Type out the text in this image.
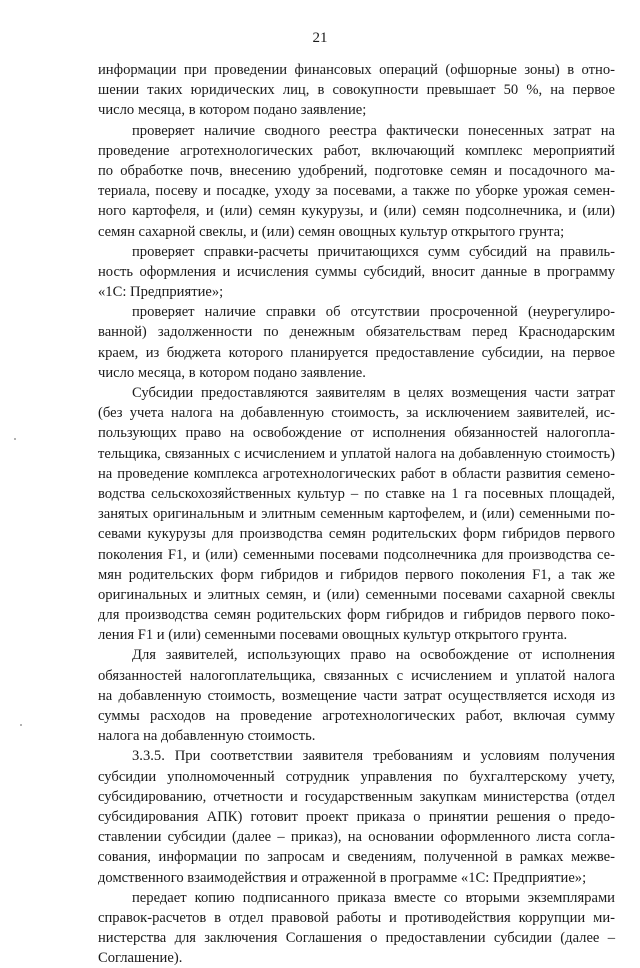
21
информации при проведении финансовых операций (офшорные зоны) в отно-
шении таких юридических лиц, в совокупности превышает 50 %, на первое
число месяца, в котором подано заявление;
проверяет наличие сводного реестра фактически понесенных затрат на
проведение агротехнологических работ, включающий комплекс мероприятий
по обработке почв, внесению удобрений, подготовке семян и посадочного ма-
териала, посеву и посадке, уходу за посевами, а также по уборке урожая семен-
ного картофеля, и (или) семян кукурузы, и (или) семян подсолнечника, и (или)
семян сахарной свеклы, и (или) семян овощных культур открытого грунта;
проверяет справки-расчеты причитающихся сумм субсидий на правиль-
ность оформления и исчисления суммы субсидий, вносит данные в программу
«1С: Предприятие»;
проверяет наличие справки об отсутствии просроченной (неурегулиро-
ванной) задолженности по денежным обязательствам перед Краснодарским
краем, из бюджета которого планируется предоставление субсидии, на первое
число месяца, в котором подано заявление.
Субсидии предоставляются заявителям в целях возмещения части затрат
(без учета налога на добавленную стоимость, за исключением заявителей, ис-
пользующих право на освобождение от исполнения обязанностей налогопла-
тельщика, связанных с исчислением и уплатой налога на добавленную стоимость)
на проведение комплекса агротехнологических работ в области развития семено-
водства сельскохозяйственных культур – по ставке на 1 га посевных площадей,
занятых оригинальным и элитным семенным картофелем, и (или) семенными по-
севами кукурузы для производства семян родительских форм гибридов первого
поколения F1, и (или) семенными посевами подсолнечника для производства се-
мян родительских форм гибридов и гибридов первого поколения F1, а так же
оригинальных и элитных семян, и (или) семенными посевами сахарной свеклы
для производства семян родительских форм гибридов и гибридов первого поко-
ления F1 и (или) семенными посевами овощных культур открытого грунта.
Для заявителей, использующих право на освобождение от исполнения
обязанностей налогоплательщика, связанных с исчислением и уплатой налога
на добавленную стоимость, возмещение части затрат осуществляется исходя из
суммы расходов на проведение агротехнологических работ, включая сумму
налога на добавленную стоимость.
3.3.5. При соответствии заявителя требованиям и условиям получения
субсидии уполномоченный сотрудник управления по бухгалтерскому учету,
субсидированию, отчетности и государственным закупкам министерства (отдел
субсидирования АПК) готовит проект приказа о принятии решения о предо-
ставлении субсидии (далее – приказ), на основании оформленного листа согла-
сования, информации по запросам и сведениям, полученной в рамках межве-
домственного взаимодействия и отраженной в программе «1С: Предприятие»;
передает копию подписанного приказа вместе со вторыми экземплярами
справок-расчетов в отдел правовой работы и противодействия коррупции ми-
нистерства для заключения Соглашения о предоставлении субсидии (далее –
Соглашение).
